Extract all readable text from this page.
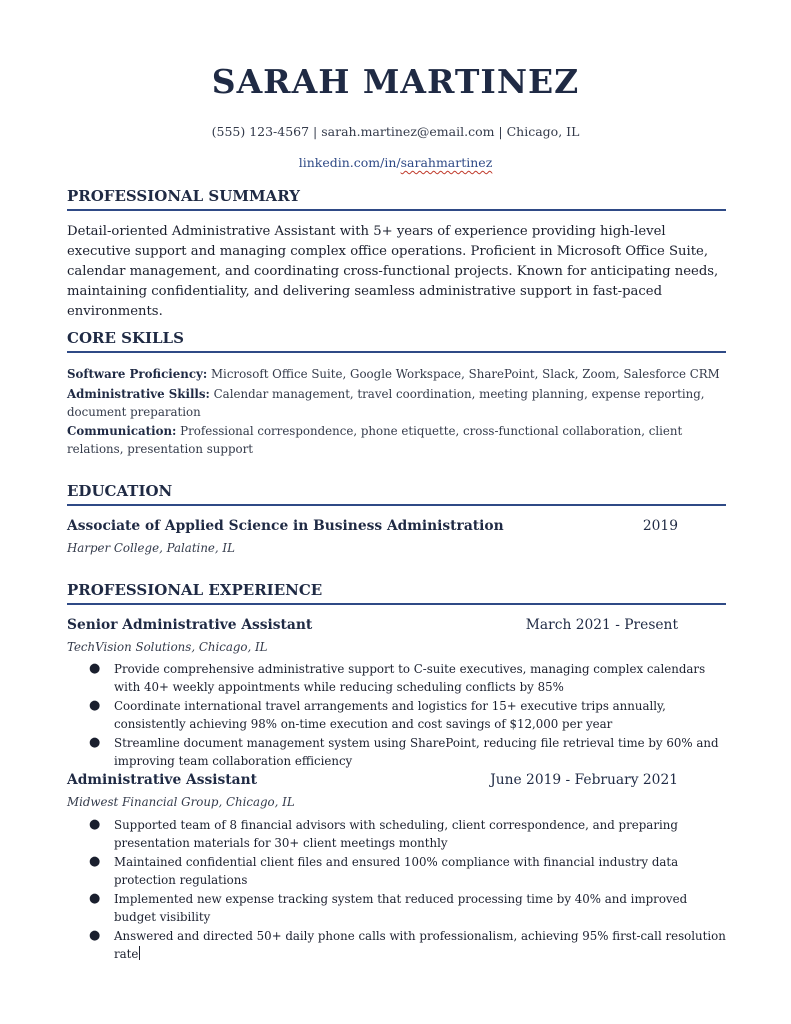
SARAH MARTINEZ
(555) 123-4567 | sarah.martinez@email.com | Chicago, IL
linkedin.com/in/sarahmartinez
PROFESSIONAL SUMMARY
Detail-oriented Administrative Assistant with 5+ years of experience providing high-level executive support and managing complex office operations. Proficient in Microsoft Office Suite, calendar management, and coordinating cross-functional projects. Known for anticipating needs, maintaining confidentiality, and delivering seamless administrative support in fast-paced environments.
CORE SKILLS
Software Proficiency: Microsoft Office Suite, Google Workspace, SharePoint, Slack, Zoom, Salesforce CRM
Administrative Skills: Calendar management, travel coordination, meeting planning, expense reporting, document preparation
Communication: Professional correspondence, phone etiquette, cross-functional collaboration, client relations, presentation support
EDUCATION
Associate of Applied Science in Business Administration	2019
Harper College, Palatine, IL
PROFESSIONAL EXPERIENCE
Senior Administrative Assistant	March 2021 - Present
TechVision Solutions, Chicago, IL
● Provide comprehensive administrative support to C-suite executives, managing complex calendars with 40+ weekly appointments while reducing scheduling conflicts by 85%
● Coordinate international travel arrangements and logistics for 15+ executive trips annually, consistently achieving 98% on-time execution and cost savings of $12,000 per year
● Streamline document management system using SharePoint, reducing file retrieval time by 60% and improving team collaboration efficiency
Administrative Assistant	June 2019 - February 2021
Midwest Financial Group, Chicago, IL
● Supported team of 8 financial advisors with scheduling, client correspondence, and preparing presentation materials for 30+ client meetings monthly
● Maintained confidential client files and ensured 100% compliance with financial industry data protection regulations
● Implemented new expense tracking system that reduced processing time by 40% and improved budget visibility
● Answered and directed 50+ daily phone calls with professionalism, achieving 95% first-call resolution rate
